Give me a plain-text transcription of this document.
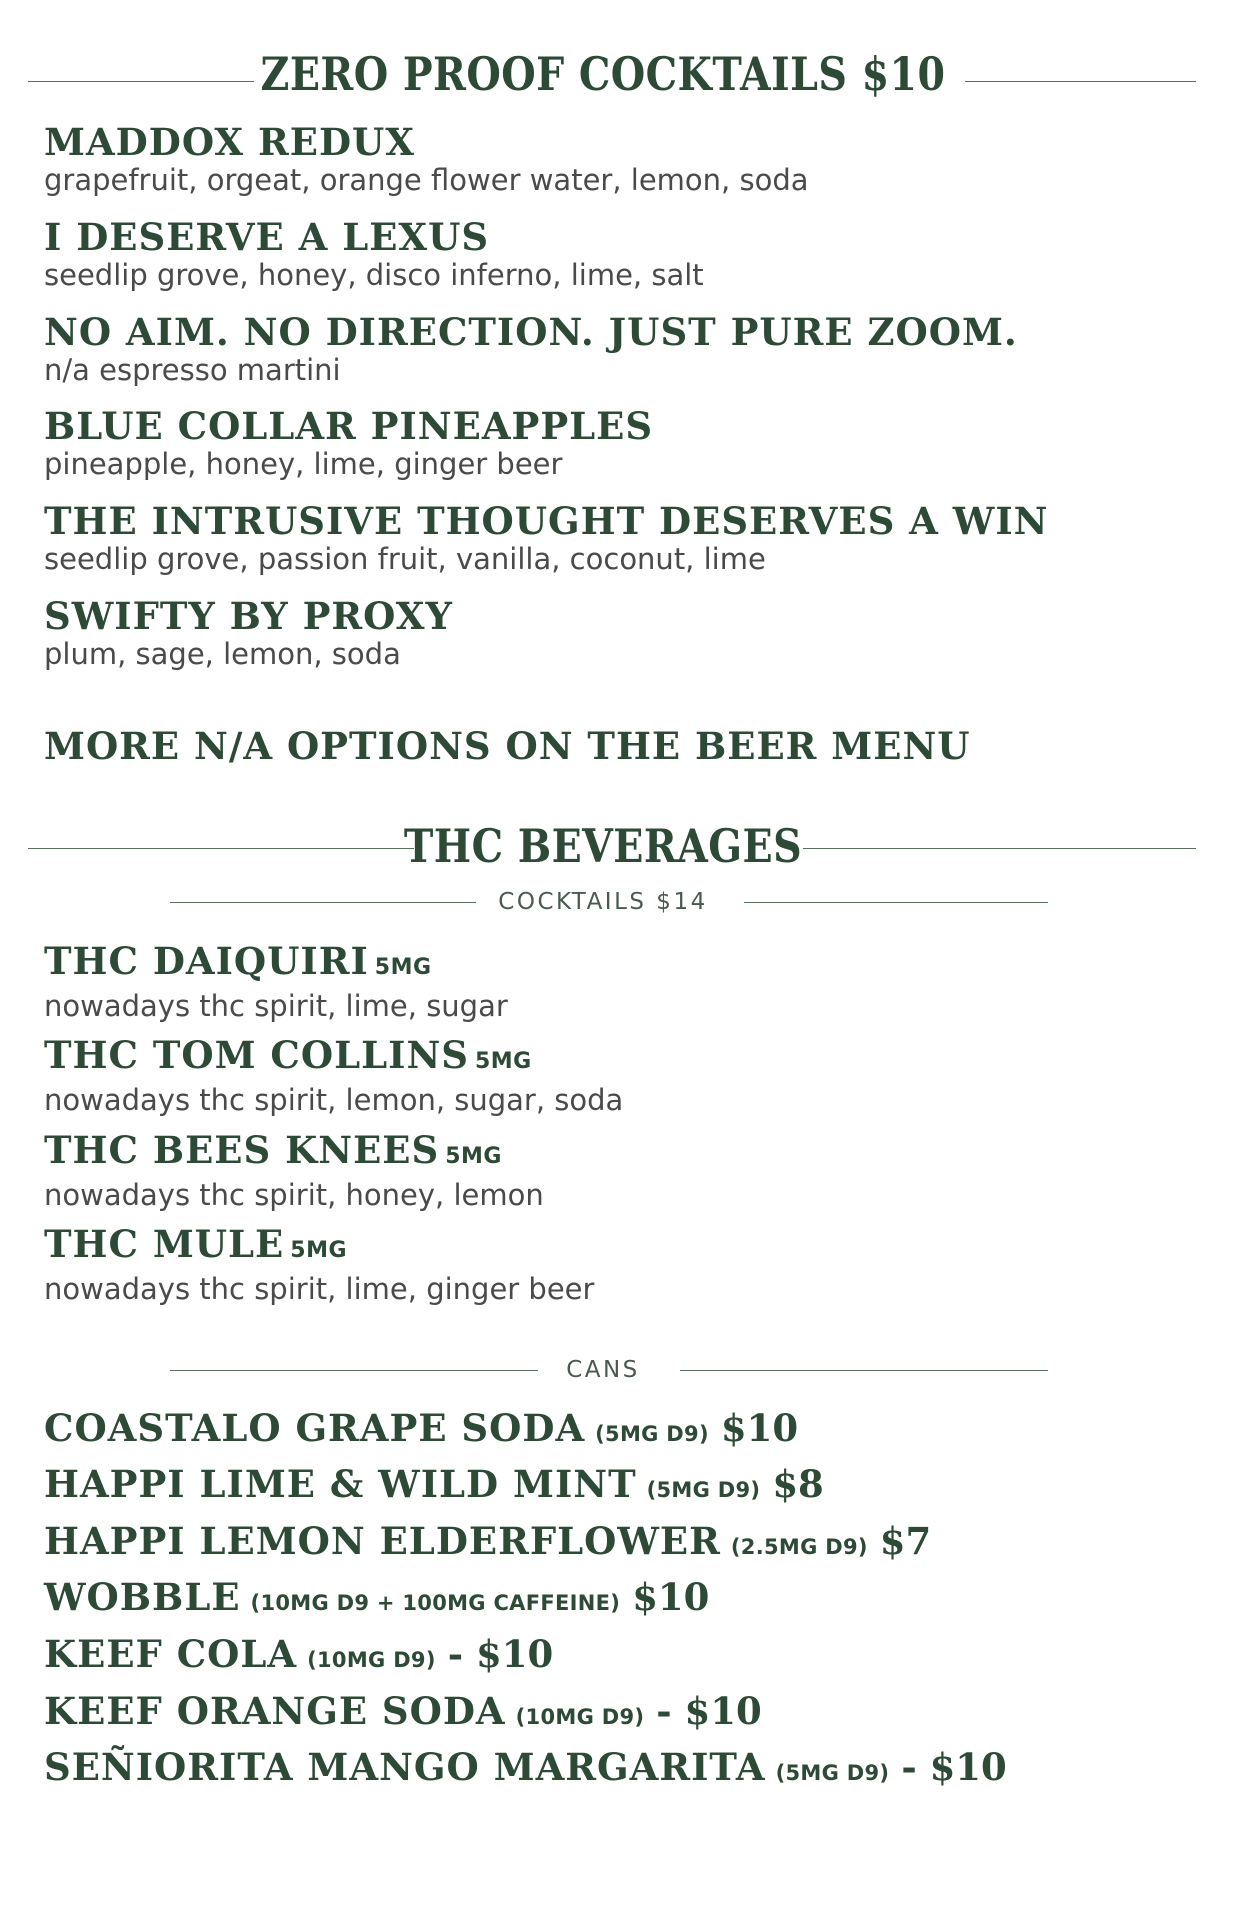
ZERO PROOF COCKTAILS $10
MADDOX REDUX
grapefruit, orgeat, orange flower water, lemon, soda
I DESERVE A LEXUS
seedlip grove, honey, disco inferno, lime, salt
NO AIM. NO DIRECTION. JUST PURE ZOOM.
n/a espresso martini
BLUE COLLAR PINEAPPLES
pineapple, honey, lime, ginger beer
THE INTRUSIVE THOUGHT DESERVES A WIN
seedlip grove, passion fruit, vanilla, coconut, lime
SWIFTY BY PROXY
plum, sage, lemon, soda
MORE N/A OPTIONS ON THE BEER MENU
THC BEVERAGES
COCKTAILS $14
THC DAIQUIRI 5MG
nowadays thc spirit, lime, sugar
THC TOM COLLINS 5MG
nowadays thc spirit, lemon, sugar, soda
THC BEES KNEES 5MG
nowadays thc spirit, honey, lemon
THC MULE 5MG
nowadays thc spirit, lime, ginger beer
CANS
COASTALO GRAPE SODA (5MG D9) $10
HAPPI LIME & WILD MINT (5MG D9) $8
HAPPI LEMON ELDERFLOWER (2.5MG D9) $7
WOBBLE (10MG D9 + 100MG CAFFEINE) $10
KEEF COLA (10MG D9) - $10
KEEF ORANGE SODA (10MG D9) - $10
SEÑIORITA MANGO MARGARITA (5MG D9) - $10
